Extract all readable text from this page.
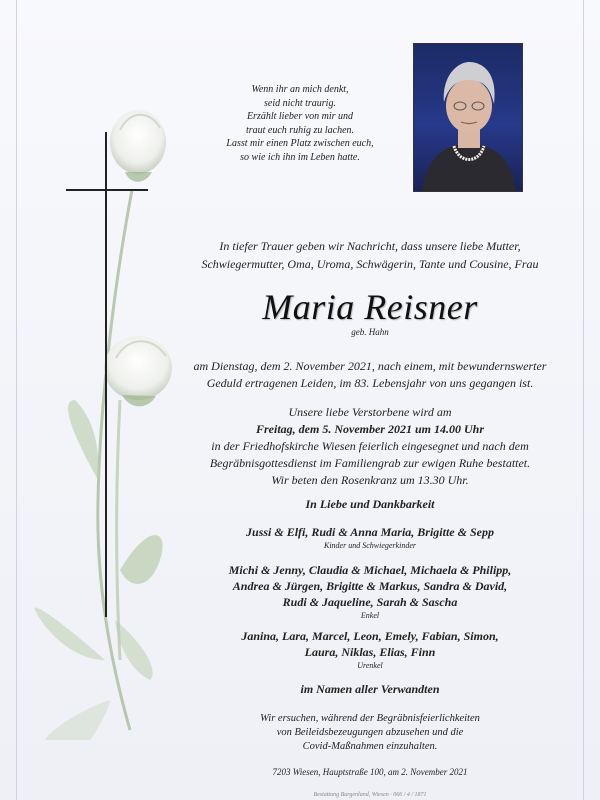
Wenn ihr an mich denkt,
seid nicht traurig.
Erzählt lieber von mir und
traut euch ruhig zu lachen.
Lasst mir einen Platz zwischen euch,
so wie ich ihn im Leben hatte.
In tiefer Trauer geben wir Nachricht, dass unsere liebe Mutter,
Schwiegermutter, Oma, Uroma, Schwägerin, Tante und Cousine, Frau
Maria Reisner
geb. Hahn
am Dienstag, dem 2. November 2021, nach einem, mit bewundernswerter
Geduld ertragenen Leiden, im 83. Lebensjahr von uns gegangen ist.
Unsere liebe Verstorbene wird am
Freitag, dem 5. November 2021 um 14.00 Uhr
in der Friedhofskirche Wiesen feierlich eingesegnet und nach dem
Begräbnisgottesdienst im Familiengrab zur ewigen Ruhe bestattet.
Wir beten den Rosenkranz um 13.30 Uhr.
In Liebe und Dankbarkeit
Jussi & Elfi, Rudi & Anna Maria, Brigitte & Sepp
Kinder und Schwiegerkinder
Michi & Jenny, Claudia & Michael, Michaela & Philipp,
Andrea & Jürgen, Brigitte & Markus, Sandra & David,
Rudi & Jaqueline, Sarah & Sascha
Enkel
Janina, Lara, Marcel, Leon, Emely, Fabian, Simon,
Laura, Niklas, Elias, Finn
Urenkel
im Namen aller Verwandten
Wir ersuchen, während der Begräbnisfeierlichkeiten
von Beileidsbezeugungen abzusehen und die
Covid-Maßnahmen einzuhalten.
7203 Wiesen, Hauptstraße 100, am 2. November 2021
Bestattung Burgenland, Wiesen · 066 / 4 / 1871
